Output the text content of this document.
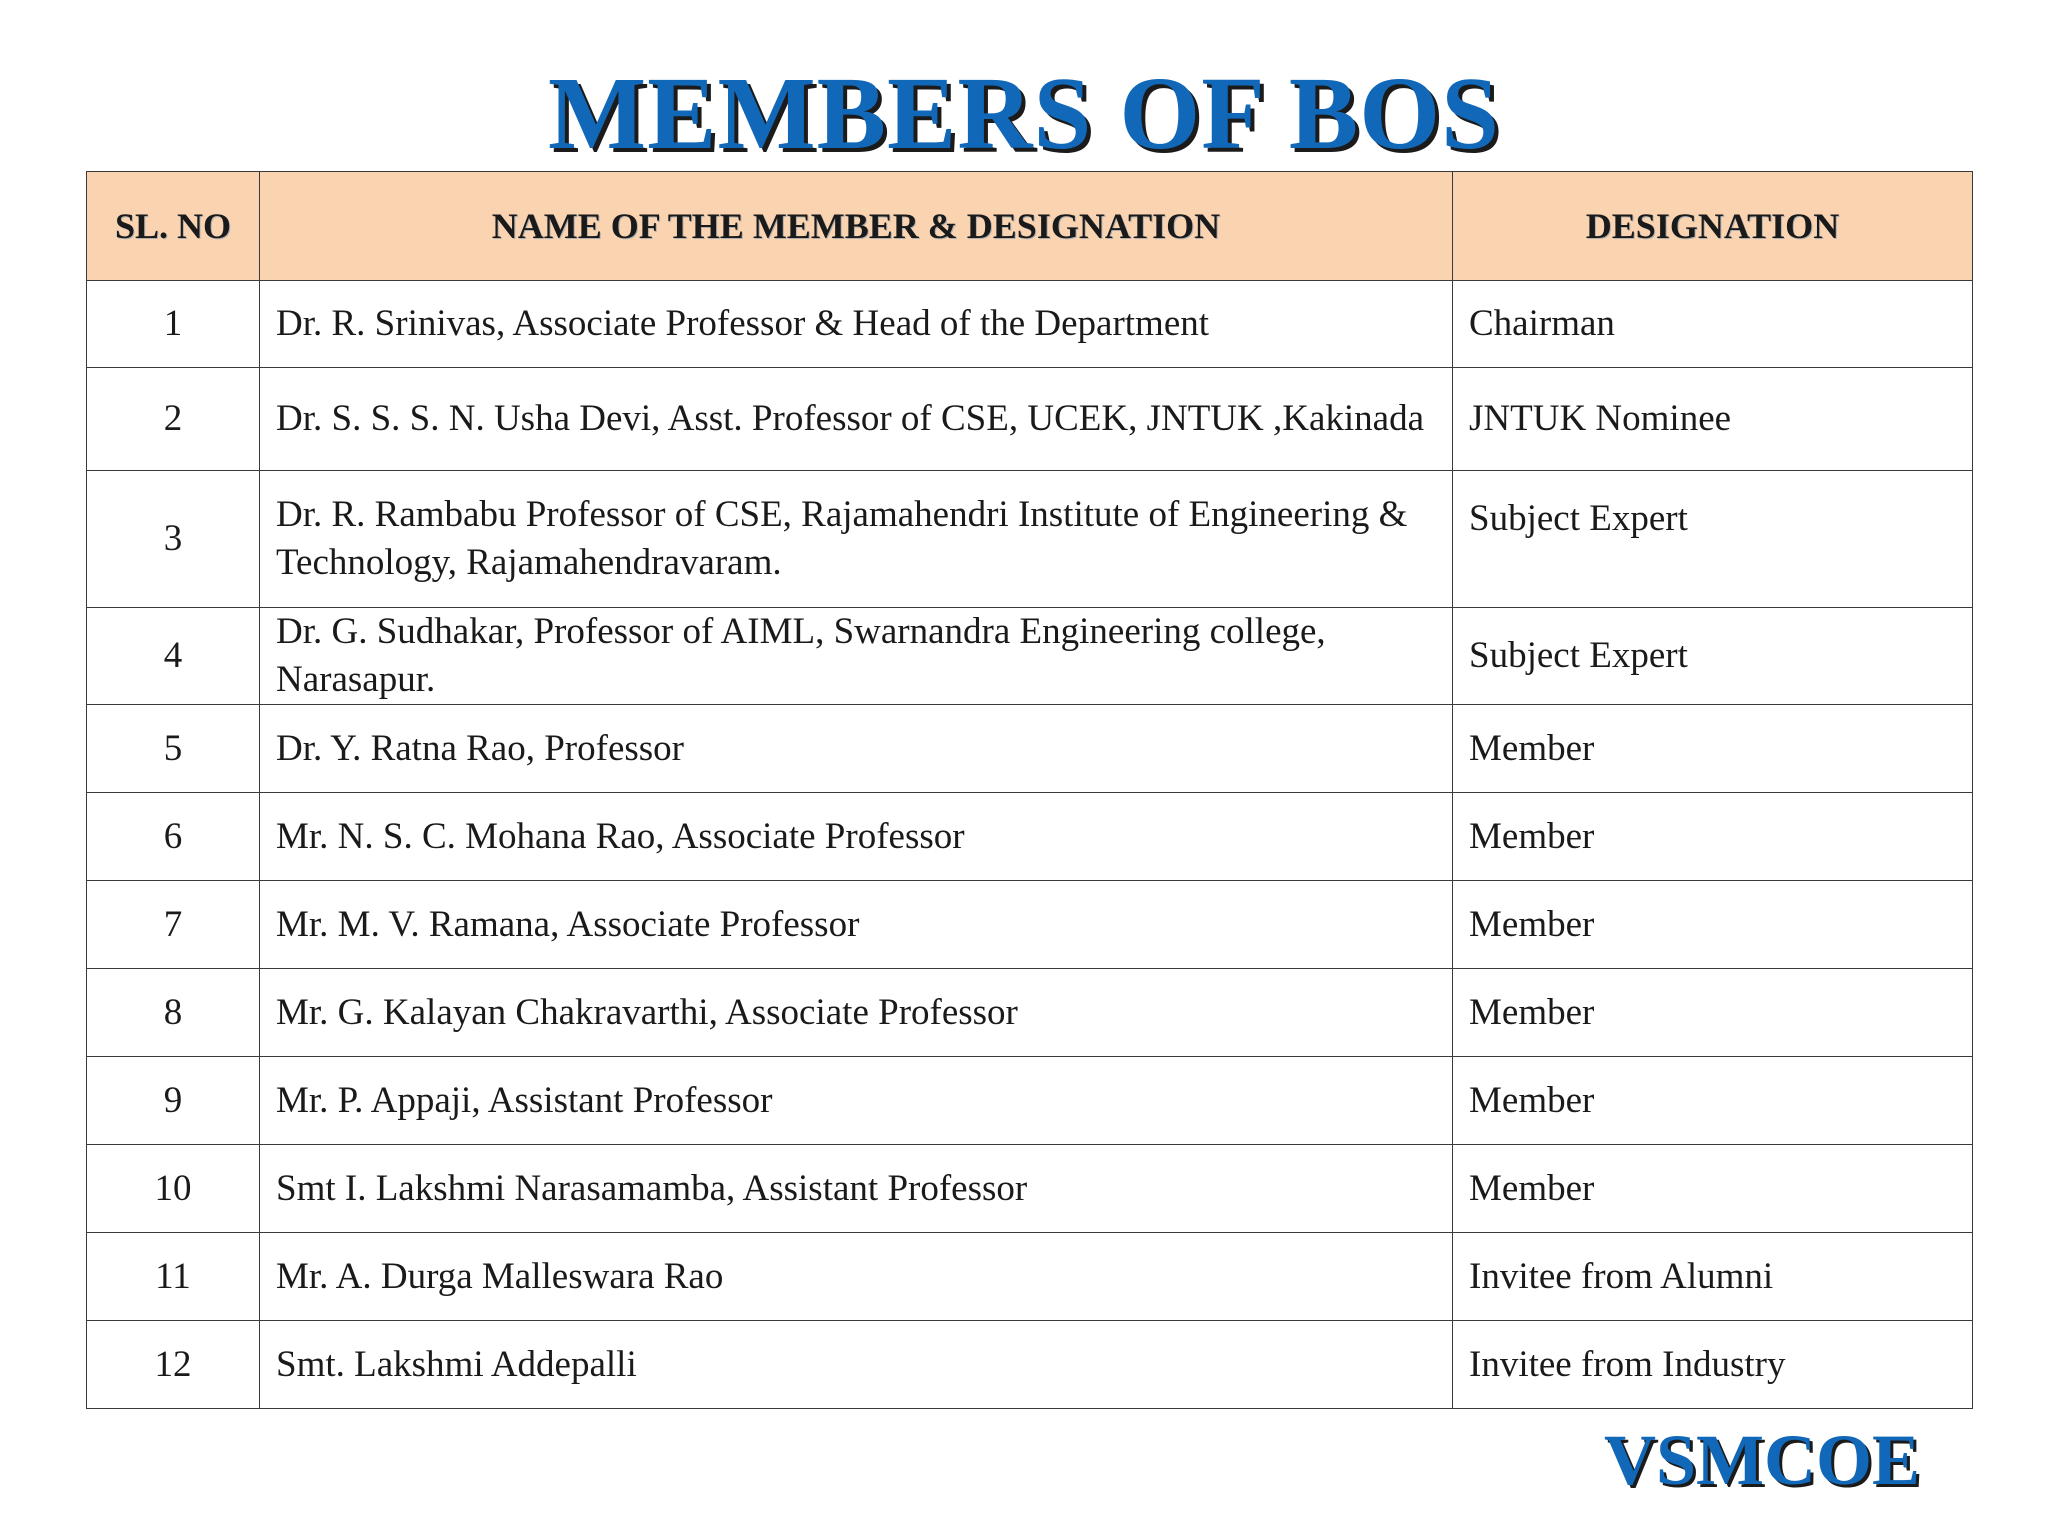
MEMBERS OF BOS
SL. NO	NAME OF THE MEMBER & DESIGNATION	DESIGNATION
1	Dr. R. Srinivas, Associate Professor & Head of the Department	Chairman
2	Dr. S. S. S. N. Usha Devi, Asst. Professor of CSE, UCEK, JNTUK ,Kakinada	JNTUK Nominee
3	Dr. R. Rambabu Professor of CSE, Rajamahendri Institute of Engineering & Technology, Rajamahendravaram.	Subject Expert
4	Dr. G. Sudhakar, Professor of AIML, Swarnandra Engineering college, Narasapur.	Subject Expert
5	Dr. Y. Ratna Rao, Professor	Member
6	Mr. N. S. C. Mohana Rao, Associate Professor	Member
7	Mr. M. V. Ramana, Associate Professor	Member
8	Mr. G. Kalayan Chakravarthi, Associate Professor	Member
9	Mr. P. Appaji, Assistant Professor	Member
10	Smt I. Lakshmi Narasamamba, Assistant Professor	Member
11	Mr. A. Durga Malleswara Rao	Invitee from Alumni
12	Smt. Lakshmi Addepalli	Invitee from Industry
VSMCOE
